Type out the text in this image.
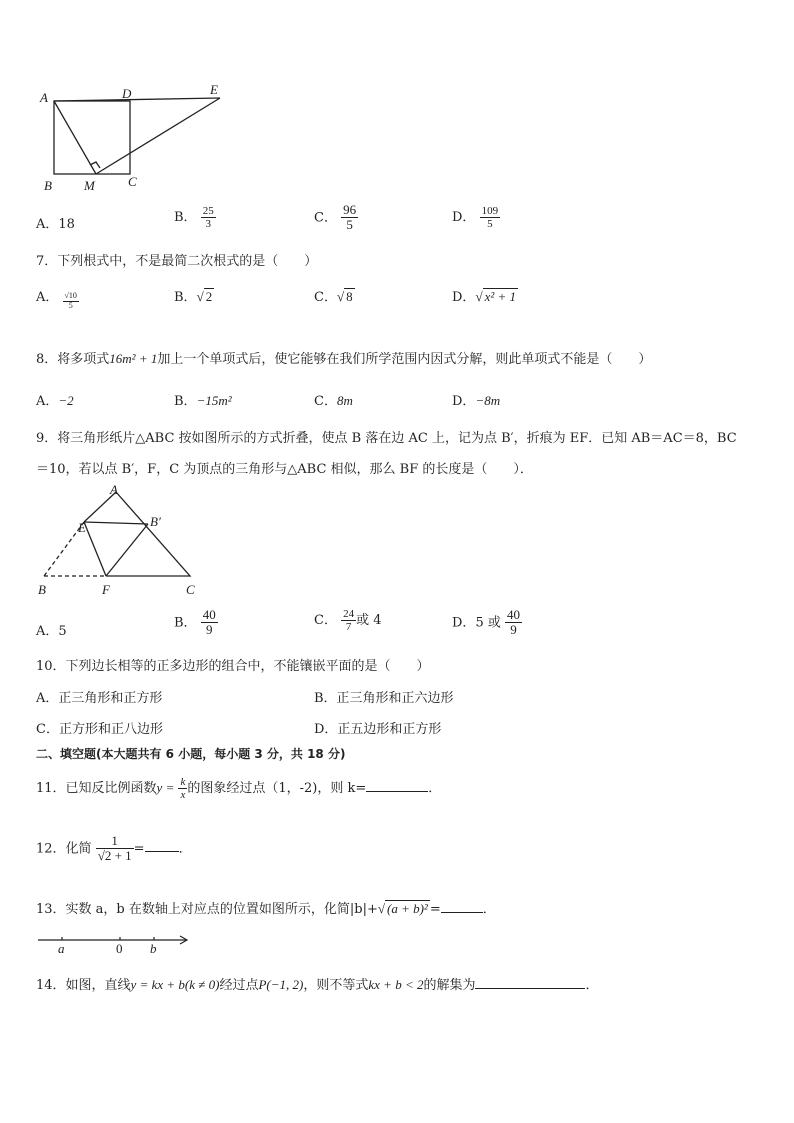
A	D	E
B M	C
A．18	B． $\frac{25}{3}$	C． $\frac{96}{5}$	D． $\frac{109}{5}$
7．下列根式中，不是最简二次根式的是（　　）
A． $\frac{√10}{5}$	B．√ 2	C．√ 8	D．√ x² + 1
8．将多项式16m² + 1加上一个单项式后，使它能够在我们所学范围内因式分解，则此单项式不能是（　　）
A．−2	B．−15m²	C．8m	D．−8m
9．将三角形纸片△ABC 按如图所示的方式折叠，使点 B 落在边 AC 上，记为点 B′，折痕为 EF．已知 AB＝AC＝8，BC
＝10，若以点 B′，F，C 为顶点的三角形与△ABC 相似，那么 BF 的长度是（　　）．
A
E	B′
B	F	C
A．5
B． $\frac{40}{9}$	C． $\frac{24}{7}$ 或 4	D．5 或 $\frac{40}{9}$
10．下列边长相等的正多边形的组合中，不能镶嵌平面的是（　　）
A．正三角形和正方形	B．正三角形和正六边形
C．正方形和正八边形	D．正五边形和正方形
二、填空题(本大题共有 6 小题，每小题 3 分，共 18 分)
11．已知反比例函数$y = \frac{k}{x}$ 的图象经过点（1，-2)，则 k=	．
12．化简 $\frac{1}{√2 + 1}$ =	．
13．实数 a，b 在数轴上对应点的位置如图所示，化简|b|+√ (a + b)² =	．
a	0 b
14．如图，直线y = kx + b(k ≠ 0)经过点P(−1, 2)，则不等式kx + b < 2的解集为	．
